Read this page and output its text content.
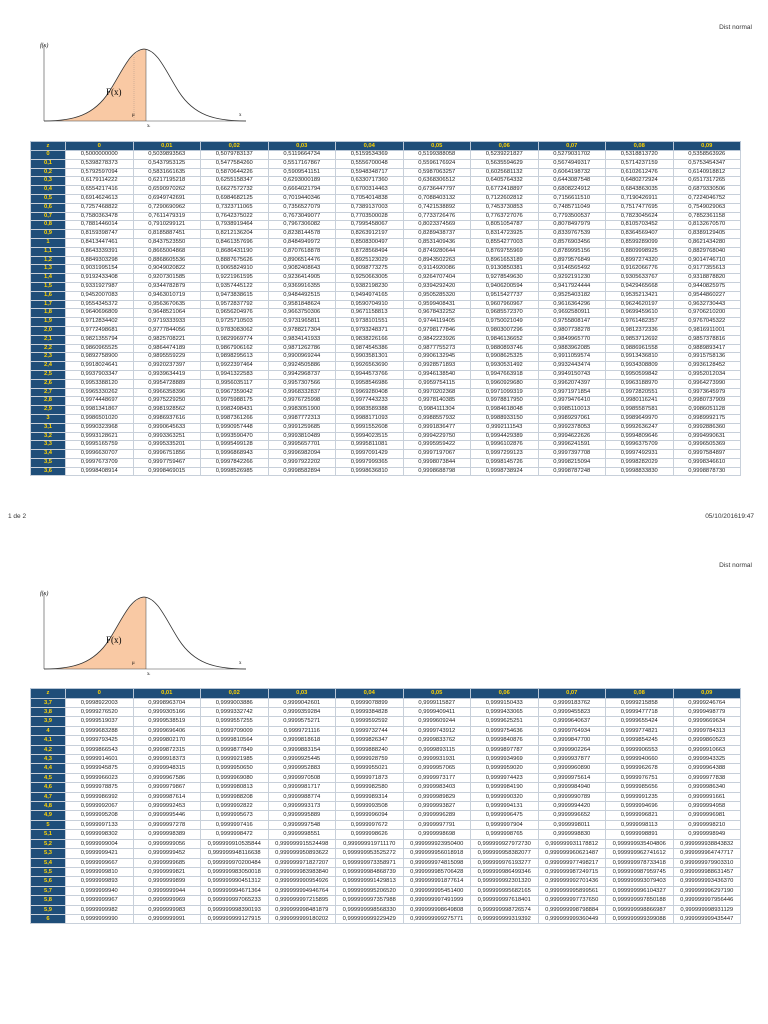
Dist normal
f(x)
F(x)
μ
xᵢ
x
z	0	0,01	0,02	0,03	0,04	0,05	0,06	0,07	0,08	0,09
0	0,5000000000	0,5039893563	0,5079783137	0,5119664734	0,5159534369	0,5199388058	0,5239221827	0,5279031702	0,5318813720	0,5358563926
0,1	0,5398278373	0,5437953125	0,5477584260	0,5517167867	0,5556700048	0,5596176924	0,5635594629	0,5674949317	0,5714237159	0,5753454347
0,2	0,5792597094	0,5831661635	0,5870644226	0,5909541151	0,5948348717	0,5987063257	0,6025681132	0,6064198732	0,6102612476	0,6140918812
0,3	0,6179114222	0,6217195218	0,6255158347	0,6293000189	0,6330717360	0,6368306512	0,6405764332	0,6443087548	0,6480272924	0,6517317265
0,4	0,6554217416	0,6590970262	0,6627572732	0,6664021794	0,6700314463	0,6736447797	0,6772418897	0,6808224912	0,6843863035	0,6879330506
0,5	0,6914624613	0,6949742691	0,6984682125	0,7019440346	0,7054014838	0,7088403132	0,7122602812	0,7156611510	0,7190426911	0,7224046752
0,6	0,7257468822	0,7290690962	0,7323711065	0,7356527079	0,7389137003	0,7421538892	0,7453730853	0,7485711049	0,7517477695	0,7549029063
0,7	0,7580363478	0,7611479319	0,7642375022	0,7673049077	0,7703500028	0,7733726476	0,7763727076	0,7793500537	0,7823045624	0,7852361158
0,8	0,7881446014	0,7910299121	0,7938919464	0,7967306082	0,7995458067	0,8023374569	0,8051054787	0,8078497979	0,8105703452	0,8132670570
0,9	0,8159398747	0,8185887451	0,8212136204	0,8238144578	0,8263912197	0,8289438737	0,8314723925	0,8339767539	0,8364569407	0,8389129405
1	0,8413447461	0,8437523550	0,8461357696	0,8484949972	0,8508300497	0,8531409436	0,8554277003	0,8576903456	0,8599289099	0,8621434280
1,1	0,8643339391	0,8665004868	0,8686431190	0,8707618878	0,8728568494	0,8749280644	0,8769755969	0,8789995156	0,8809998925	0,8829768040
1,2	0,8849303298	0,8868605536	0,8887675626	0,8906514476	0,8925123029	0,8943502263	0,8961653189	0,8979576849	0,8997274320	0,9014746710
1,3	0,9031995154	0,9049020822	0,9065824910	0,9082408643	0,9098773275	0,9114920086	0,9130850381	0,9146565492	0,9162066776	0,9177355613
1,4	0,9192433408	0,9207301585	0,9221961595	0,9236414905	0,9250663005	0,9264707404	0,9278549630	0,9292191230	0,9305633767	0,9318878820
1,5	0,9331927987	0,9344782879	0,9357445122	0,9369916355	0,9382198230	0,9394292420	0,9406200594	0,9417924444	0,9429465668	0,9440825975
1,6	0,9452007083	0,9463010719	0,9473838615	0,9484492515	0,9494974165	0,9505285320	0,9515427737	0,9525403182	0,9535213421	0,9544860227
1,7	0,9554345372	0,9563670635	0,9572837792	0,9581848624	0,9590704910	0,9599408431	0,9607960967	0,9616364296	0,9624620197	0,9632730443
1,8	0,9640696809	0,9648521064	0,9656204976	0,9663750306	0,9671158813	0,9678432252	0,9685572370	0,9692580911	0,9699459610	0,9706210200
1,9	0,9712834402	0,9719333933	0,9725710503	0,9731965811	0,9738101551	0,9744119405	0,9750021049	0,9755808147	0,9761482357	0,9767045322
2,0	0,9772498681	0,9777844056	0,9783083062	0,9788217304	0,9793248371	0,9798177846	0,9803007296	0,9807738278	0,9812372336	0,9816911001
2,1	0,9821355794	0,9825708221	0,9829969774	0,9834141933	0,9838226166	0,9842223926	0,9846136652	0,9849965770	0,9853712692	0,9857378816
2,2	0,9860965525	0,9864474189	0,9867906162	0,9871262786	0,9874545386	0,9877755273	0,9880893746	0,9883962085	0,9886961558	0,9889893417
2,3	0,9892758900	0,9895559229	0,9898295613	0,9900969244	0,9903581301	0,9906132945	0,9908625325	0,9911059574	0,9913436810	0,9915758136
2,4	0,9918024641	0,9920237397	0,9922397464	0,9924505886	0,9926563690	0,9928571893	0,9930531492	0,9932443474	0,9934308809	0,9936128452
2,5	0,9937903347	0,9939634419	0,9941322583	0,9942968737	0,9944573766	0,9946138540	0,9947663918	0,9949150743	0,9950599842	0,9952012034
2,6	0,9953388120	0,9954728889	0,9956035117	0,9957307566	0,9958546986	0,9959754115	0,9960929680	0,9962074397	0,9963188970	0,9964273990
2,7	0,9965330262	0,9966358396	0,9967359042	0,9968332837	0,9969280408	0,9970202368	0,9971099319	0,9971971854	0,9972820551	0,9973645979
2,8	0,9974448697	0,9975229250	0,9975988175	0,9976725998	0,9977443233	0,9978140385	0,9978817950	0,9979476410	0,9980116241	0,9980737909
2,9	0,9981341867	0,9981928562	0,9982498431	0,9983051900	0,9983589388	0,9984111304	0,9984618048	0,9985110013	0,9985587581	0,9986051128
3	0,9986501020	0,9986937616	0,9987361266	0,9987772313	0,9988171093	0,9988557932	0,9988933150	0,9989297061	0,9989649970	0,9989992175
3,1	0,9990323968	0,9990645633	0,9990957448	0,9991259685	0,9991552608	0,9991836477	0,9992111543	0,9992378053	0,9992636247	0,9992886360
3,2	0,9993128621	0,9993363251	0,9993590470	0,9993810489	0,9994023515	0,9994229750	0,9994429389	0,9994622626	0,9994809646	0,9994990631
3,3	0,9995165759	0,9995335201	0,9995499128	0,9995657701	0,9995811081	0,9995959422	0,9996102876	0,9996241591	0,9996375709	0,9996505369
3,4	0,9996630707	0,9996751856	0,9996868943	0,9996982094	0,9997091429	0,9997197067	0,9997299123	0,9997397708	0,9997492931	0,9997584897
3,5	0,9997673709	0,9997759467	0,9997842266	0,9997922202	0,9997999365	0,9998073844	0,9998145726	0,9998215094	0,9998282029	0,9998346610
3,6	0,9998408914	0,9998469015	0,9998526985	0,9998582894	0,9998636810	0,9998688798	0,9998738924	0,9998787248	0,9998833830	0,9998878730
1 de 2	05/10/201619:47
Dist normal
f(x)
F(x)
μ
xᵢ
x
z	0	0,01	0,02	0,03	0,04	0,05	0,06	0,07	0,08	0,09
3,7	0,9998922003	0,9998963704	0,9999003886	0,9999042601	0,9999078899	0,9999115827	0,9999150433	0,9999183762	0,9999215858	0,9999246764
3,8	0,9999276520	0,9999305166	0,9999332742	0,9999359284	0,9999384828	0,9999409411	0,9999433065	0,9999455823	0,9999477718	0,9999498779
3,9	0,9999519037	0,9999538519	0,9999557255	0,9999575271	0,9999592592	0,9999609244	0,9999625251	0,9999640637	0,9999655424	0,9999669634
4	0,9999683288	0,9999696406	0,9999709009	0,9999721116	0,9999732744	0,9999743912	0,9999754636	0,9999764934	0,9999774821	0,9999784313
4,1	0,9999793425	0,9999802170	0,9999810564	0,9999818618	0,9999826347	0,9999833762	0,9999840876	0,9999847700	0,9999854245	0,9999860523
4,2	0,9999866543	0,9999872315	0,9999877849	0,9999883154	0,9999888240	0,9999893115	0,9999897787	0,9999902264	0,9999906553	0,9999910663
4,3	0,9999914601	0,9999918373	0,9999921985	0,9999925445	0,9999928759	0,9999931931	0,9999934969	0,9999937877	0,9999940660	0,9999943325
4,4	0,9999945875	0,9999948315	0,9999950650	0,9999952883	0,9999955021	0,9999957065	0,9999959020	0,9999960890	0,9999962678	0,9999964388
4,5	0,9999966023	0,9999967586	0,9999969080	0,9999970508	0,9999971873	0,9999973177	0,9999974423	0,9999975614	0,9999976751	0,9999977838
4,6	0,9999978875	0,9999979867	0,9999980813	0,9999981717	0,9999982580	0,9999983403	0,9999984190	0,9999984940	0,9999985656	0,9999986340
4,7	0,9999986992	0,9999987614	0,9999988208	0,9999988774	0,9999989314	0,9999989829	0,9999990320	0,9999990789	0,9999991235	0,9999991661
4,8	0,9999992067	0,9999992453	0,9999992822	0,9999993173	0,9999993508	0,9999993827	0,9999994131	0,9999994420	0,9999994696	0,9999994958
4,9	0,9999995208	0,9999995446	0,9999995673	0,9999995889	0,9999996094	0,9999996289	0,9999996475	0,9999996652	0,9999996821	0,9999996981
5	0,9999997133	0,9999997278	0,9999997416	0,9999997548	0,9999997672	0,9999997791	0,9999997904	0,9999998011	0,9999998113	0,9999998210
5,1	0,9999998302	0,9999998389	0,9999998472	0,9999998551	0,9999998626	0,9999998698	0,9999998765	0,9999998830	0,9999998891	0,9999998949
5,2	0,9999999004	0,9999999056	0,999999910535844	0,999999915524498	0,999999919711170	0,999999923950400	0,999999927972730	0,999999931178812	0,999999935404806	0,999999938843832
5,3	0,9999999421	0,9999999452	0,999999948116638	0,999999950893622	0,999999953525272	0,999999956018918	0,999999958382077	0,999999960621487	0,999999962741612	0,999999964747717
5,4	0,9999999667	0,9999999685	0,999999970200484	0,999999971827207	0,999999973358971	0,999999974815098	0,999999976193277	0,999999977498217	0,999999978733418	0,999999979903310
5,5	0,9999999810	0,9999999821	0,999999983050018	0,999999983983840	0,999999984868739	0,999999985706428	0,999999986499346	0,999999987249715	0,999999987959745	0,999999988631457
5,6	0,9999999893	0,9999999899	0,999999990451312	0,999999990954926	0,999999991429813	0,999999991877614	0,999999992301320	0,999999992701436	0,999999993079403	0,999999993436370
5,7	0,9999999940	0,9999999944	0,999999994671364	0,999999994946764	0,999999995206520	0,999999995451400	0,999999995682165	0,999999995899561	0,999999996104327	0,999999996297190
5,8	0,9999999967	0,9999999969	0,999999997065233	0,999999997215895	0,999999997357988	0,999999997491999	0,999999997618401	0,999999997737650	0,999999997850188	0,999999997956446
5,9	0,9999999982	0,9999999983	0,999999998390193	0,999999998481879	0,999999998568330	0,999999998649808	0,999999998726574	0,999999998798884	0,999999998866987	0,999999998931129
6	0,9999999990	0,9999999991	0,999999999127915	0,999999999180202	0,999999999229429	0,999999999275771	0,999999999319392	0,999999999360449	0,999999999399088	0,999999999435447
